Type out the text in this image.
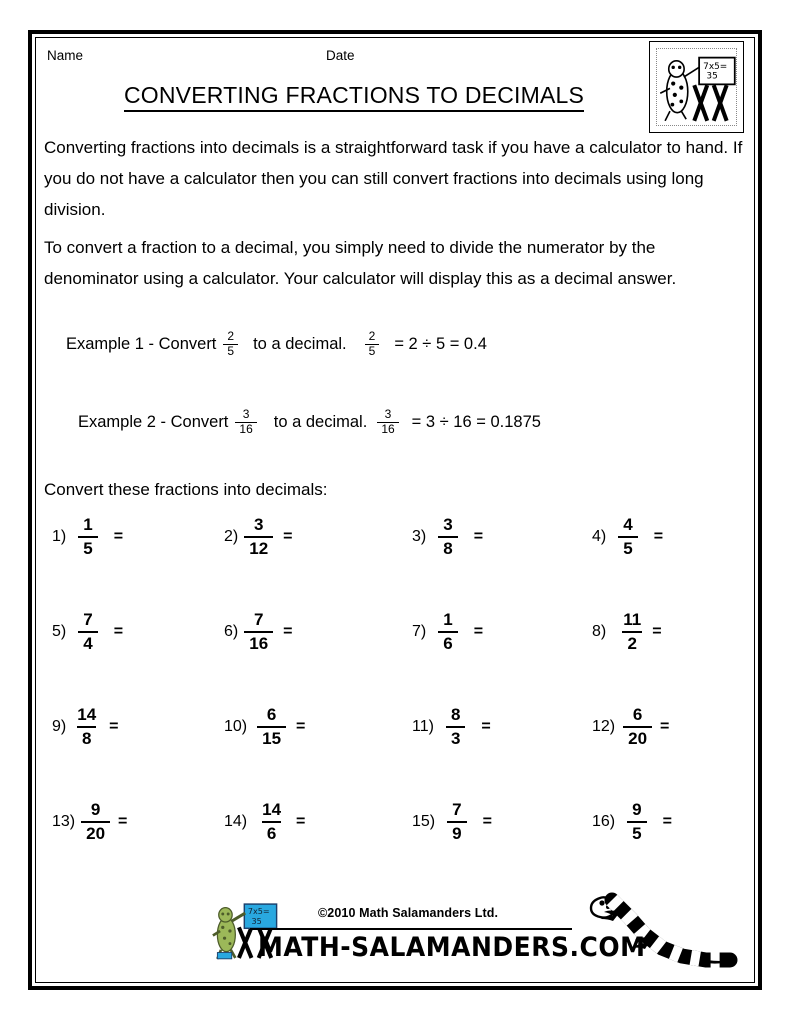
Name	Date
7x5=
35
CONVERTING FRACTIONS TO DECIMALS
Converting fractions into decimals is a straightforward task if you have a calculator to hand. If you do not have a calculator then you can still convert fractions into decimals using long division.
To convert a fraction to a decimal, you simply need to divide the numerator by the denominator using a calculator. Your calculator will display this as a decimal answer.
Example 1 - Convert $\frac{2}{5}$ to a decimal. $\frac{2}{5} = 2 \div 5 = 0.4$
Example 2 - Convert $\frac{3}{16}$ to a decimal. $\frac{3}{16} = 3 \div 16 = 0.1875$
Convert these fractions into decimals:
$1) \frac{1}{5}$ =	$2) \frac{3}{12}$ =	$3) \frac{3}{8}$ =	$4) \frac{4}{5}$ =
$5) \frac{7}{4}$ =	$6) \frac{7}{16}$ =	$7) \frac{1}{6}$ =	$8) \frac{11}{2}$ =
$9) \frac{14}{8}$ =	$10) \frac{6}{15}$ =	$11) \frac{8}{3}$ =	$12) \frac{6}{20}$ =
$13) \frac{9}{20}$ =	$14) \frac{14}{6}$ =	$15) \frac{7}{9}$ =	$16) \frac{9}{5}$ =
7x5=
35
©2010 Math Salamanders Ltd.
MATH-SALAMANDERS.COM
